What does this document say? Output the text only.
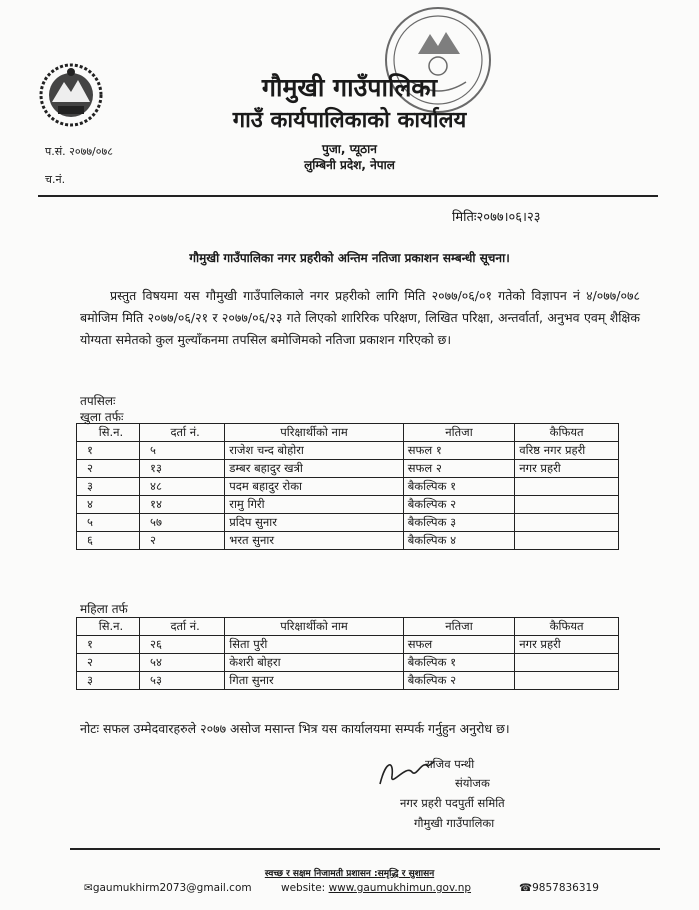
गौमुखी गाउँपालिका
गाउँ कार्यपालिकाको कार्यालय
पुजा, प्यूठान
लुम्बिनी प्रदेश, नेपाल
प.सं. २०७७/०७८
च.नं.
मितिः२०७७।०६।२३
गौमुखी गाउँपालिका नगर प्रहरीको अन्तिम नतिजा प्रकाशन सम्बन्धी सूचना।
प्रस्तुत विषयमा यस गौमुखी गाउँपालिकाले नगर प्रहरीको लागि मिति २०७७/०६/०१ गतेको विज्ञापन नं ४/०७७/०७८ बमोजिम मिति २०७७/०६/२१ र २०७७/०६/२३ गते लिएको शारिरिक परिक्षण, लिखित परिक्षा, अन्तर्वार्ता, अनुभव एवम् शैक्षिक योग्यता समेतको कुल मुल्याँकनमा तपसिल बमोजिमको नतिजा प्रकाशन गरिएको छ।
तपसिलः
खुला तर्फः
सि.न.	दर्ता नं.	परिक्षार्थीको नाम	नतिजा	कैफियत
१	५	राजेश चन्द बोहोरा	सफल १	वरिष्ठ नगर प्रहरी
२	१३	डम्बर बहादुर खत्री	सफल २	नगर प्रहरी
३	४८	पदम बहादुर रोका	बैकल्पिक १	
४	१४	रामु गिरी	बैकल्पिक २	
५	५७	प्रदिप सुनार	बैकल्पिक ३	
६	२	भरत सुनार	बैकल्पिक ४	
महिला तर्फ
सि.न.	दर्ता नं.	परिक्षार्थीको नाम	नतिजा	कैफियत
१	२६	सिता पुरी	सफल	नगर प्रहरी
२	५४	केशरी बोहरा	बैकल्पिक १	
३	५३	गिता सुनार	बैकल्पिक २	
नोटः सफल उम्मेदवारहरुले २०७७ असोज मसान्त भित्र यस कार्यालयमा सम्पर्क गर्नुहुन अनुरोध छ।
राजिव पन्थी
संयोजक
नगर प्रहरी पदपुर्ती समिति
गौमुखी गाउँपालिका
स्वच्छ र सक्षम निजामती प्रशासन :समृद्धि र सुशासन
✉gaumukhirm2073@gmail.com	website: www.gaumukhimun.gov.np	☎9857836319
